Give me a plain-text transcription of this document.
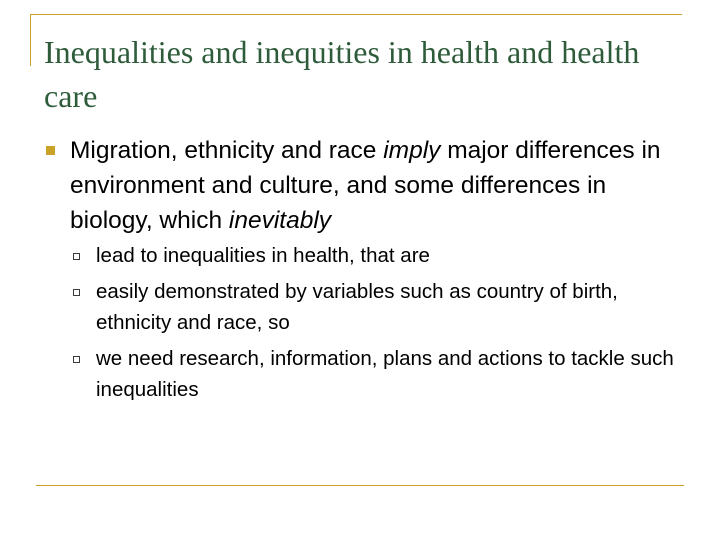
Inequalities and inequities in health and health care
Migration, ethnicity and race imply major differences in environment and culture, and some differences in biology, which inevitably
lead to inequalities in health, that are
easily demonstrated by variables such as country of birth, ethnicity and race, so
we need research, information, plans and actions to tackle such inequalities
